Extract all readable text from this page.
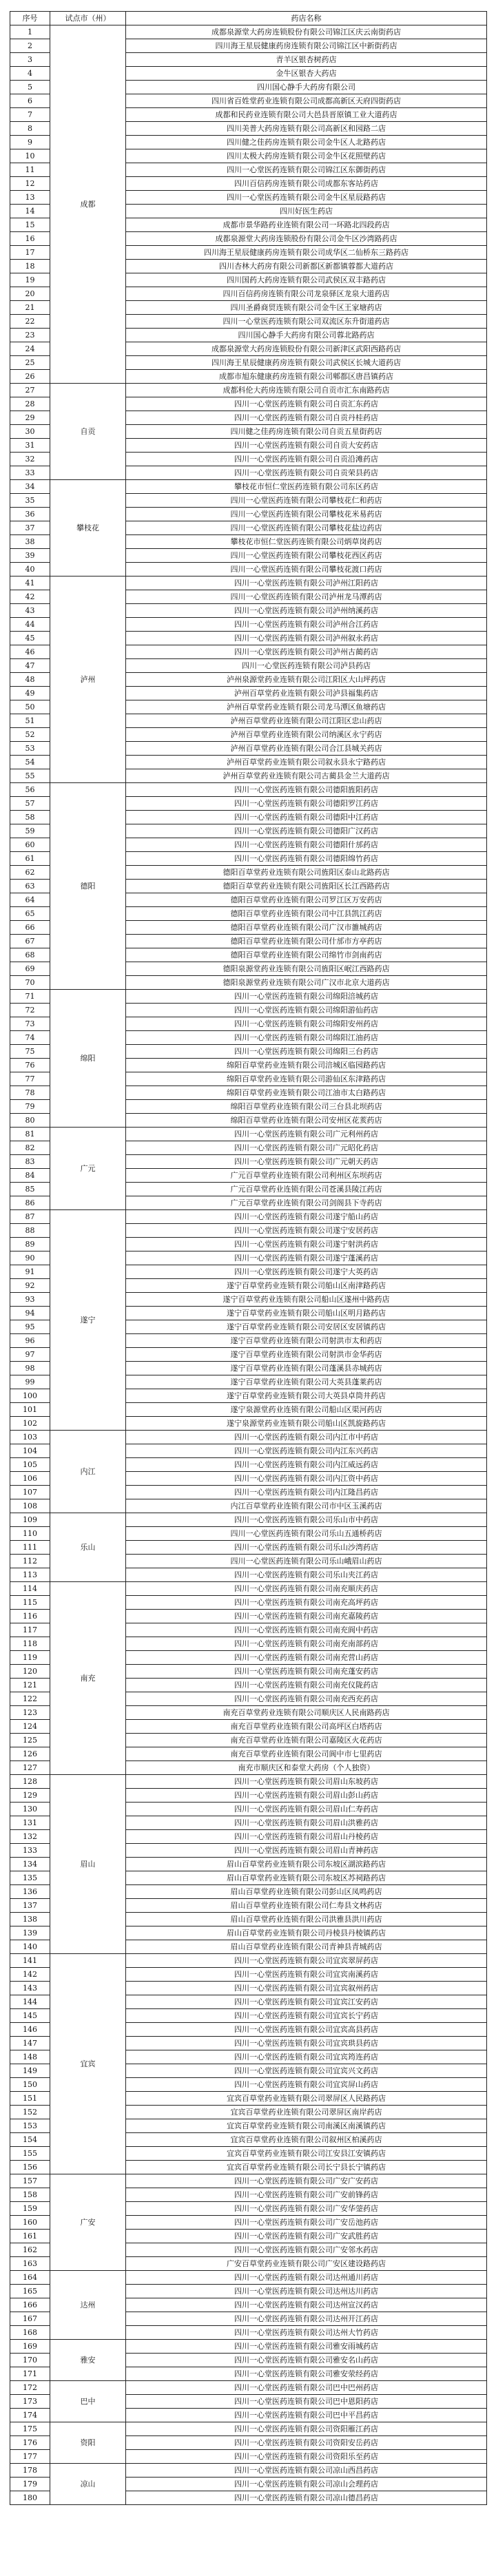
序号	试点市（州）	药店名称
1	成都	成都泉源堂大药房连锁股份有限公司锦江区庆云南街药店
2		四川海王星辰健康药房连锁有限公司锦江区中新街药店
3		青羊区银杏树药店
4		金牛区银杏大药店
5		四川国心静手大药房有限公司
6		四川省百姓堂药业连锁有限公司成都高新区天府四街药店
7		成都和民药业连锁有限公司大邑县晋原镇工业大道药店
8		四川美普大药房连锁有限公司高新区和园路二店
9		四川健之佳药房连锁有限公司金牛区人北路药店
10		四川太极大药房连锁有限公司金牛区花照壁药店
11		四川一心堂医药连锁有限公司锦江区东御街药店
12		四川百信药房连锁有限公司成都东客站药店
13		四川一心堂医药连锁有限公司金牛区星辰路药店
14		四川好医生药店
15		成都市景华路药业连锁有限公司一环路北四段药店
16		成都泉源堂大药房连锁股份有限公司金牛区沙湾路药店
17		四川海王星辰健康药房连锁有限公司成华区二仙桥东三路药店
18		四川杏林大药房有限公司新都区新都镇蓉都大道药店
19		四川国药大药房连锁有限公司武侯区双丰路药店
20		四川百信药房连锁有限公司龙泉驿区龙泉大道药店
21		四川圣爵商贸连锁有限公司金牛区王家塘药店
22		四川一心堂医药连锁有限公司双流区东升街道药店
23		四川国心静手大药房有限公司蓉北路药店
24		成都泉源堂大药房连锁股份有限公司新津区武阳西路药店
25		四川海王星辰健康药房连锁有限公司武侯区长城大道药店
26		成都市旭东健康药房连锁有限公司郫都区唐昌镇药店
27	自贡	成都科伦大药房连锁有限公司自贡市汇东南路药店
28		四川一心堂医药连锁有限公司自贡汇东药店
29		四川一心堂医药连锁有限公司自贡丹桂药店
30		四川健之佳药房连锁有限公司自贡五星街药店
31		四川一心堂医药连锁有限公司自贡大安药店
32		四川一心堂医药连锁有限公司自贡沿滩药店
33		四川一心堂医药连锁有限公司自贡荣县药店
34	攀枝花	攀枝花市恒仁堂医药连锁有限公司东区药店
35		四川一心堂医药连锁有限公司攀枝花仁和药店
36		四川一心堂医药连锁有限公司攀枝花米易药店
37		四川一心堂医药连锁有限公司攀枝花盐边药店
38		攀枝花市恒仁堂医药连锁有限公司炳草岗药店
39		四川一心堂医药连锁有限公司攀枝花西区药店
40		四川一心堂医药连锁有限公司攀枝花渡口药店
41	泸州	四川一心堂医药连锁有限公司泸州江阳药店
42		四川一心堂医药连锁有限公司泸州龙马潭药店
43		四川一心堂医药连锁有限公司泸州纳溪药店
44		四川一心堂医药连锁有限公司泸州合江药店
45		四川一心堂医药连锁有限公司泸州叙永药店
46		四川一心堂医药连锁有限公司泸州古蔺药店
47		四川一心堂医药连锁有限公司泸县药店
48		泸州泉源堂药业连锁有限公司江阳区大山坪药店
49		泸州百草堂药业连锁有限公司泸县福集药店
50		泸州百草堂药业连锁有限公司龙马潭区鱼塘药店
51		泸州百草堂药业连锁有限公司江阳区忠山药店
52		泸州百草堂药业连锁有限公司纳溪区永宁药店
53		泸州百草堂药业连锁有限公司合江县城关药店
54		泸州百草堂药业连锁有限公司叙永县永宁路药店
55		泸州百草堂药业连锁有限公司古蔺县金兰大道药店
56	德阳	四川一心堂医药连锁有限公司德阳旌阳药店
57		四川一心堂医药连锁有限公司德阳罗江药店
58		四川一心堂医药连锁有限公司德阳中江药店
59		四川一心堂医药连锁有限公司德阳广汉药店
60		四川一心堂医药连锁有限公司德阳什邡药店
61		四川一心堂医药连锁有限公司德阳绵竹药店
62		德阳百草堂药业连锁有限公司旌阳区泰山北路药店
63		德阳百草堂药业连锁有限公司旌阳区长江西路药店
64		德阳百草堂药业连锁有限公司罗江区万安药店
65		德阳百草堂药业连锁有限公司中江县凯江药店
66		德阳百草堂药业连锁有限公司广汉市雒城药店
67		德阳百草堂药业连锁有限公司什邡市方亭药店
68		德阳百草堂药业连锁有限公司绵竹市剑南药店
69		德阳泉源堂药业连锁有限公司旌阳区岷江西路药店
70		德阳泉源堂药业连锁有限公司广汉市北京大道药店
71	绵阳	四川一心堂医药连锁有限公司绵阳涪城药店
72		四川一心堂医药连锁有限公司绵阳游仙药店
73		四川一心堂医药连锁有限公司绵阳安州药店
74		四川一心堂医药连锁有限公司绵阳江油药店
75		四川一心堂医药连锁有限公司绵阳三台药店
76		绵阳百草堂药业连锁有限公司涪城区临园路药店
77		绵阳百草堂药业连锁有限公司游仙区东津路药店
78		绵阳百草堂药业连锁有限公司江油市太白路药店
79		绵阳百草堂药业连锁有限公司三台县北坝药店
80		绵阳百草堂药业连锁有限公司安州区花荄药店
81	广元	四川一心堂医药连锁有限公司广元利州药店
82		四川一心堂医药连锁有限公司广元昭化药店
83		四川一心堂医药连锁有限公司广元朝天药店
84		广元百草堂药业连锁有限公司利州区东坝药店
85		广元百草堂药业连锁有限公司苍溪县陵江药店
86		广元百草堂药业连锁有限公司剑阁县下寺药店
87	遂宁	四川一心堂医药连锁有限公司遂宁船山药店
88		四川一心堂医药连锁有限公司遂宁安居药店
89		四川一心堂医药连锁有限公司遂宁射洪药店
90		四川一心堂医药连锁有限公司遂宁蓬溪药店
91		四川一心堂医药连锁有限公司遂宁大英药店
92		遂宁百草堂药业连锁有限公司船山区南津路药店
93		遂宁百草堂药业连锁有限公司船山区遂州中路药店
94		遂宁百草堂药业连锁有限公司船山区明月路药店
95		遂宁百草堂药业连锁有限公司安居区安居镇药店
96		遂宁百草堂药业连锁有限公司射洪市太和药店
97		遂宁百草堂药业连锁有限公司射洪市金华药店
98		遂宁百草堂药业连锁有限公司蓬溪县赤城药店
99		遂宁百草堂药业连锁有限公司大英县蓬莱药店
100		遂宁百草堂药业连锁有限公司大英县卓筒井药店
101		遂宁泉源堂药业连锁有限公司船山区渠河药店
102		遂宁泉源堂药业连锁有限公司船山区凯旋路药店
103	内江	四川一心堂医药连锁有限公司内江市中药店
104		四川一心堂医药连锁有限公司内江东兴药店
105		四川一心堂医药连锁有限公司内江威远药店
106		四川一心堂医药连锁有限公司内江资中药店
107		四川一心堂医药连锁有限公司内江隆昌药店
108		内江百草堂药业连锁有限公司市中区玉溪药店
109	乐山	四川一心堂医药连锁有限公司乐山市中药店
110		四川一心堂医药连锁有限公司乐山五通桥药店
111		四川一心堂医药连锁有限公司乐山沙湾药店
112		四川一心堂医药连锁有限公司乐山峨眉山药店
113		四川一心堂医药连锁有限公司乐山夹江药店
114	南充	四川一心堂医药连锁有限公司南充顺庆药店
115		四川一心堂医药连锁有限公司南充高坪药店
116		四川一心堂医药连锁有限公司南充嘉陵药店
117		四川一心堂医药连锁有限公司南充阆中药店
118		四川一心堂医药连锁有限公司南充南部药店
119		四川一心堂医药连锁有限公司南充营山药店
120		四川一心堂医药连锁有限公司南充蓬安药店
121		四川一心堂医药连锁有限公司南充仪陇药店
122		四川一心堂医药连锁有限公司南充西充药店
123		南充百草堂药业连锁有限公司顺庆区人民南路药店
124		南充百草堂药业连锁有限公司高坪区白塔药店
125		南充百草堂药业连锁有限公司嘉陵区火花药店
126		南充百草堂药业连锁有限公司阆中市七里药店
127		南充市顺庆区和泰堂大药房（个人独资）
128	眉山	四川一心堂医药连锁有限公司眉山东坡药店
129		四川一心堂医药连锁有限公司眉山彭山药店
130		四川一心堂医药连锁有限公司眉山仁寿药店
131		四川一心堂医药连锁有限公司眉山洪雅药店
132		四川一心堂医药连锁有限公司眉山丹棱药店
133		四川一心堂医药连锁有限公司眉山青神药店
134		眉山百草堂药业连锁有限公司东坡区湖滨路药店
135		眉山百草堂药业连锁有限公司东坡区苏祠路药店
136		眉山百草堂药业连锁有限公司彭山区凤鸣药店
137		眉山百草堂药业连锁有限公司仁寿县文林药店
138		眉山百草堂药业连锁有限公司洪雅县洪川药店
139		眉山百草堂药业连锁有限公司丹棱县丹棱镇药店
140		眉山百草堂药业连锁有限公司青神县青城药店
141	宜宾	四川一心堂医药连锁有限公司宜宾翠屏药店
142		四川一心堂医药连锁有限公司宜宾南溪药店
143		四川一心堂医药连锁有限公司宜宾叙州药店
144		四川一心堂医药连锁有限公司宜宾江安药店
145		四川一心堂医药连锁有限公司宜宾长宁药店
146		四川一心堂医药连锁有限公司宜宾高县药店
147		四川一心堂医药连锁有限公司宜宾珙县药店
148		四川一心堂医药连锁有限公司宜宾筠连药店
149		四川一心堂医药连锁有限公司宜宾兴文药店
150		四川一心堂医药连锁有限公司宜宾屏山药店
151		宜宾百草堂药业连锁有限公司翠屏区人民路药店
152		宜宾百草堂药业连锁有限公司翠屏区南岸药店
153		宜宾百草堂药业连锁有限公司南溪区南溪镇药店
154		宜宾百草堂药业连锁有限公司叙州区柏溪药店
155		宜宾百草堂药业连锁有限公司江安县江安镇药店
156		宜宾百草堂药业连锁有限公司长宁县长宁镇药店
157	广安	四川一心堂医药连锁有限公司广安广安药店
158		四川一心堂医药连锁有限公司广安前锋药店
159		四川一心堂医药连锁有限公司广安华蓥药店
160		四川一心堂医药连锁有限公司广安岳池药店
161		四川一心堂医药连锁有限公司广安武胜药店
162		四川一心堂医药连锁有限公司广安邻水药店
163		广安百草堂药业连锁有限公司广安区建设路药店
164	达州	四川一心堂医药连锁有限公司达州通川药店
165		四川一心堂医药连锁有限公司达州达川药店
166		四川一心堂医药连锁有限公司达州宣汉药店
167		四川一心堂医药连锁有限公司达州开江药店
168		四川一心堂医药连锁有限公司达州大竹药店
169	雅安	四川一心堂医药连锁有限公司雅安雨城药店
170		四川一心堂医药连锁有限公司雅安名山药店
171		四川一心堂医药连锁有限公司雅安荥经药店
172	巴中	四川一心堂医药连锁有限公司巴中巴州药店
173		四川一心堂医药连锁有限公司巴中恩阳药店
174		四川一心堂医药连锁有限公司巴中平昌药店
175	资阳	四川一心堂医药连锁有限公司资阳雁江药店
176		四川一心堂医药连锁有限公司资阳安岳药店
177		四川一心堂医药连锁有限公司资阳乐至药店
178	凉山	四川一心堂医药连锁有限公司凉山西昌药店
179		四川一心堂医药连锁有限公司凉山会理药店
180		四川一心堂医药连锁有限公司凉山德昌药店
